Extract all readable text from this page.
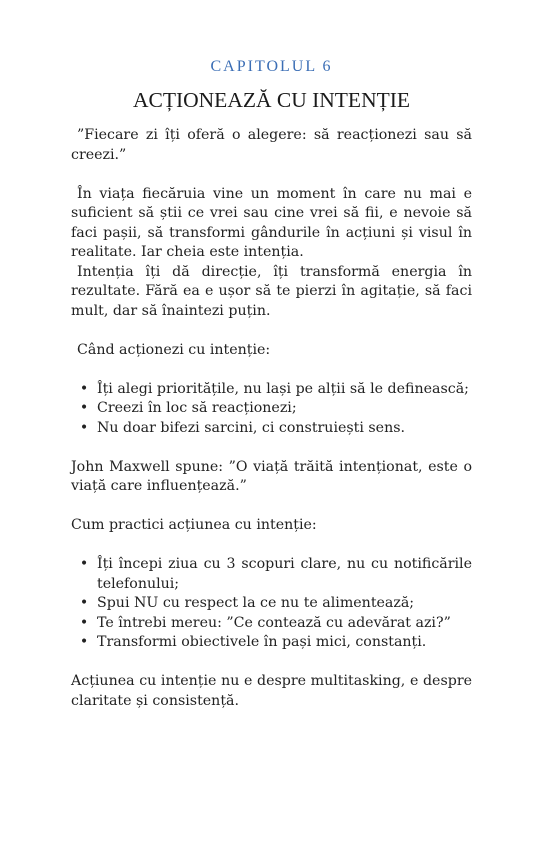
CAPITOLUL 6
ACȚIONEAZĂ CU INTENȚIE

”Fiecare zi îți oferă o alegere: să reacționezi sau să creezi.”

În viața fiecăruia vine un moment în care nu mai e suficient să știi ce vrei sau cine vrei să fii, e nevoie să faci pașii, să transformi gândurile în acțiuni și visul în realitate. Iar cheia este intenția.

Intenția îți dă direcție, îți transformă energia în rezultate. Fără ea e ușor să te pierzi în agitație, să faci mult, dar să înaintezi puțin.

Când acționezi cu intenție:

• Îți alegi prioritățile, nu lași pe alții să le definească;
• Creezi în loc să reacționezi;
• Nu doar bifezi sarcini, ci construiești sens.

John Maxwell spune: ”O viață trăită intenționat, este o viață care influențează.”

Cum practici acțiunea cu intenție:

• Îți începi ziua cu 3 scopuri clare, nu cu notificările telefonului;
• Spui NU cu respect la ce nu te alimentează;
• Te întrebi mereu: ”Ce contează cu adevărat azi?”
• Transformi obiectivele în pași mici, constanți.

Acțiunea cu intenție nu e despre multitasking, e despre claritate și consistență.
